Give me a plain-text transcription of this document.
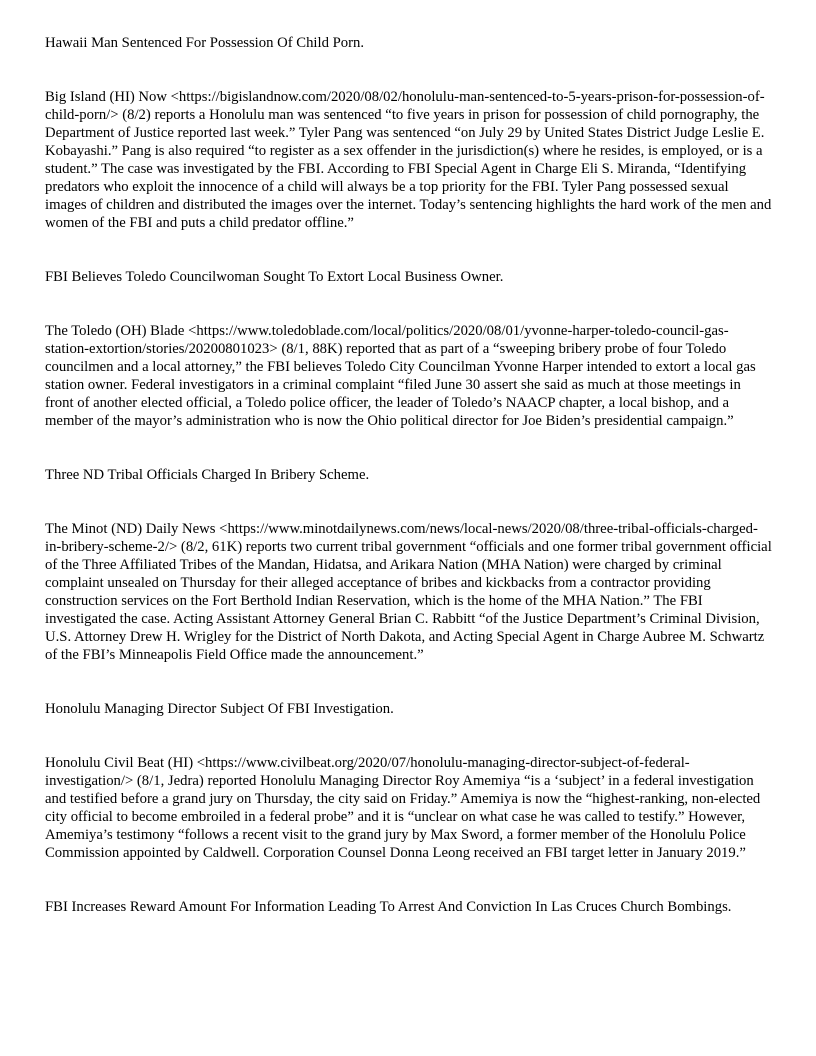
Hawaii Man Sentenced For Possession Of Child Porn.

Big Island (HI) Now <https://bigislandnow.com/2020/08/02/honolulu-man-sentenced-to-5-years-prison-for-possession-of-child-porn/> (8/2) reports a Honolulu man was sentenced “to five years in prison for possession of child pornography, the Department of Justice reported last week.” Tyler Pang was sentenced “on July 29 by United States District Judge Leslie E. Kobayashi.” Pang is also required “to register as a sex offender in the jurisdiction(s) where he resides, is employed, or is a student.” The case was investigated by the FBI. According to FBI Special Agent in Charge Eli S. Miranda, “Identifying predators who exploit the innocence of a child will always be a top priority for the FBI. Tyler Pang possessed sexual images of children and distributed the images over the internet. Today’s sentencing highlights the hard work of the men and women of the FBI and puts a child predator offline.”

FBI Believes Toledo Councilwoman Sought To Extort Local Business Owner.

The Toledo (OH) Blade <https://www.toledoblade.com/local/politics/2020/08/01/yvonne-harper-toledo-council-gas-station-extortion/stories/20200801023> (8/1, 88K) reported that as part of a “sweeping bribery probe of four Toledo councilmen and a local attorney,” the FBI believes Toledo City Councilman Yvonne Harper intended to extort a local gas station owner. Federal investigators in a criminal complaint “filed June 30 assert she said as much at those meetings in front of another elected official, a Toledo police officer, the leader of Toledo’s NAACP chapter, a local bishop, and a member of the mayor’s administration who is now the Ohio political director for Joe Biden’s presidential campaign.”

Three ND Tribal Officials Charged In Bribery Scheme.

The Minot (ND) Daily News <https://www.minotdailynews.com/news/local-news/2020/08/three-tribal-officials-charged-in-bribery-scheme-2/> (8/2, 61K) reports two current tribal government “officials and one former tribal government official of the Three Affiliated Tribes of the Mandan, Hidatsa, and Arikara Nation (MHA Nation) were charged by criminal complaint unsealed on Thursday for their alleged acceptance of bribes and kickbacks from a contractor providing construction services on the Fort Berthold Indian Reservation, which is the home of the MHA Nation.” The FBI investigated the case. Acting Assistant Attorney General Brian C. Rabbitt “of the Justice Department’s Criminal Division, U.S. Attorney Drew H. Wrigley for the District of North Dakota, and Acting Special Agent in Charge Aubree M. Schwartz of the FBI’s Minneapolis Field Office made the announcement.”

Honolulu Managing Director Subject Of FBI Investigation.

Honolulu Civil Beat (HI) <https://www.civilbeat.org/2020/07/honolulu-managing-director-subject-of-federal-investigation/> (8/1, Jedra) reported Honolulu Managing Director Roy Amemiya “is a ‘subject’ in a federal investigation and testified before a grand jury on Thursday, the city said on Friday.” Amemiya is now the “highest-ranking, non-elected city official to become embroiled in a federal probe” and it is “unclear on what case he was called to testify.” However, Amemiya’s testimony “follows a recent visit to the grand jury by Max Sword, a former member of the Honolulu Police Commission appointed by Caldwell. Corporation Counsel Donna Leong received an FBI target letter in January 2019.”

FBI Increases Reward Amount For Information Leading To Arrest And Conviction In Las Cruces Church Bombings.
